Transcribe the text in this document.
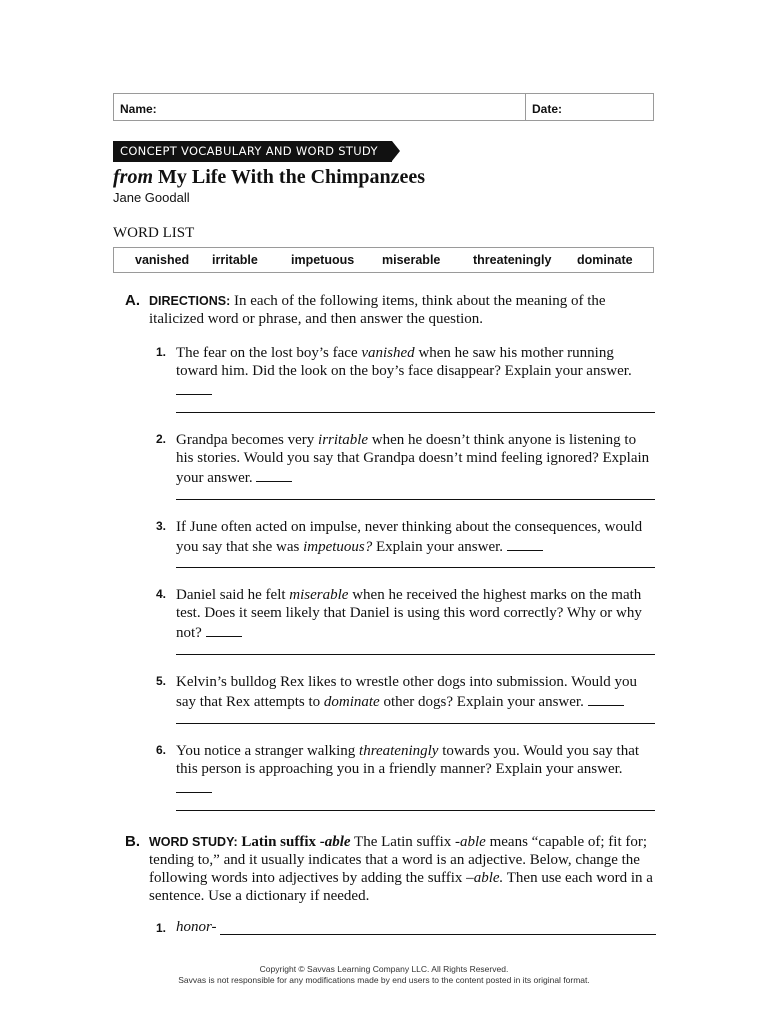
Name:	Date:
CONCEPT VOCABULARY AND WORD STUDY
from My Life With the Chimpanzees
Jane Goodall
WORD LIST
vanished irritable	impetuous miserable	threateningly dominate
A. DIRECTIONS: In each of the following items, think about the meaning of the
italicized word or phrase, and then answer the question.
1. The fear on the lost boy’s face vanished when he saw his mother running toward him. Did the look on the boy’s face disappear? Explain your answer.

2. Grandpa becomes very irritable when he doesn’t think anyone is listening to his stories. Would you say that Grandpa doesn’t mind feeling ignored? Explain your answer.
3. If June often acted on impulse, never thinking about the consequences, would you say that she was impetuous? Explain your answer.
4. Daniel said he felt miserable when he received the highest marks on the math test. Does it seem likely that Daniel is using this word correctly? Why or why not?
5. Kelvin’s bulldog Rex likes to wrestle other dogs into submission. Would you say that Rex attempts to dominate other dogs? Explain your answer.
6. You notice a stranger walking threateningly towards you. Would you say that this person is approaching you in a friendly manner? Explain your answer.

B. WORD STUDY: Latin suffix -able The Latin suffix -able means “capable of; fit for; tending to,” and it usually indicates that a word is an adjective. Below, change the following words into adjectives by adding the suffix –able. Then use each word in a sentence. Use a dictionary if needed.
1. honor-
Copyright © Savvas Learning Company LLC. All Rights Reserved.
Savvas is not responsible for any modifications made by end users to the content posted in its original format.
